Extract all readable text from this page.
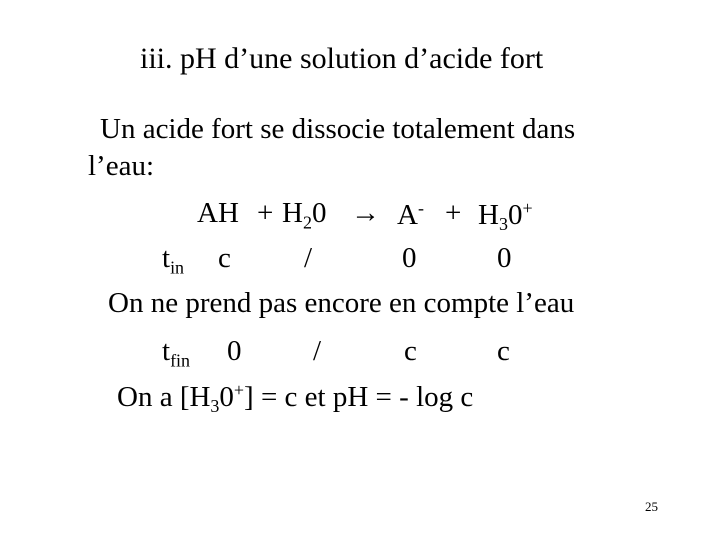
iii. pH d’une solution d’acide fort
Un acide fort se dissocie totalement dans
l’eau:
AH + $H_20 \to A^- + H_30^+$
$t_{in}$ c	/	0	0
On ne prend pas encore en compte l’eau
$t_{fin}$ 0 /	c	c
On a $[H_30^+] = c$ et pH = - log c
25
